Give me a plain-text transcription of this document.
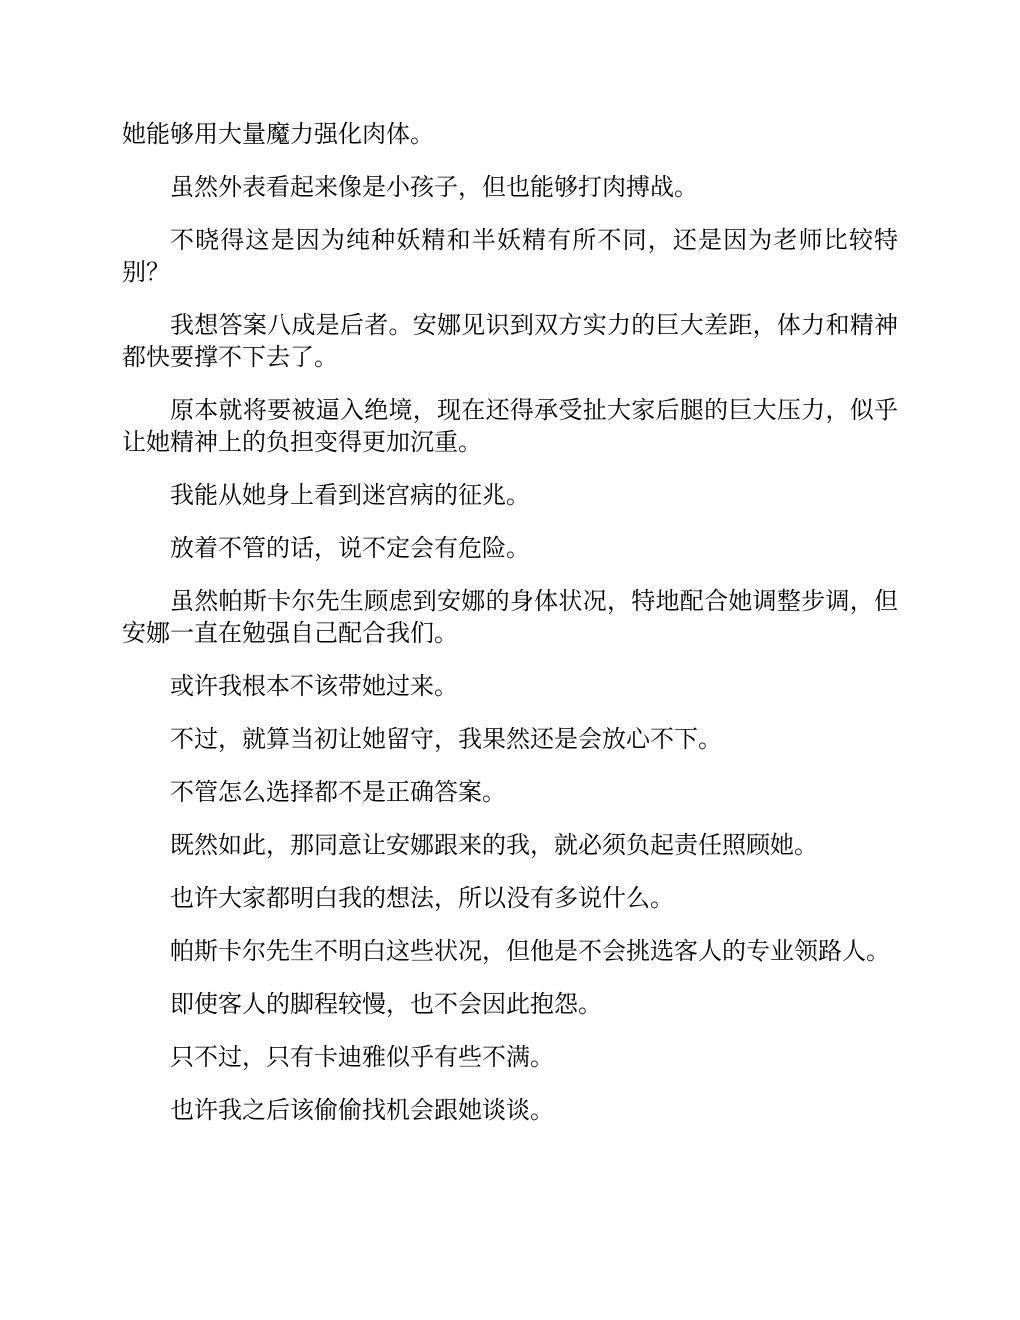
她能够用大量魔力强化肉体。

虽然外表看起来像是小孩子，但也能够打肉搏战。

不晓得这是因为纯种妖精和半妖精有所不同，还是因为老师比较特别？

我想答案八成是后者。安娜见识到双方实力的巨大差距，体力和精神都快要撑不下去了。

原本就将要被逼入绝境，现在还得承受扯大家后腿的巨大压力，似乎让她精神上的负担变得更加沉重。

我能从她身上看到迷宫病的征兆。

放着不管的话，说不定会有危险。

虽然帕斯卡尔先生顾虑到安娜的身体状况，特地配合她调整步调，但安娜一直在勉强自己配合我们。

或许我根本不该带她过来。

不过，就算当初让她留守，我果然还是会放心不下。

不管怎么选择都不是正确答案。

既然如此，那同意让安娜跟来的我，就必须负起责任照顾她。

也许大家都明白我的想法，所以没有多说什么。

帕斯卡尔先生不明白这些状况，但他是不会挑选客人的专业领路人。

即使客人的脚程较慢，也不会因此抱怨。

只不过，只有卡迪雅似乎有些不满。

也许我之后该偷偷找机会跟她谈谈。
